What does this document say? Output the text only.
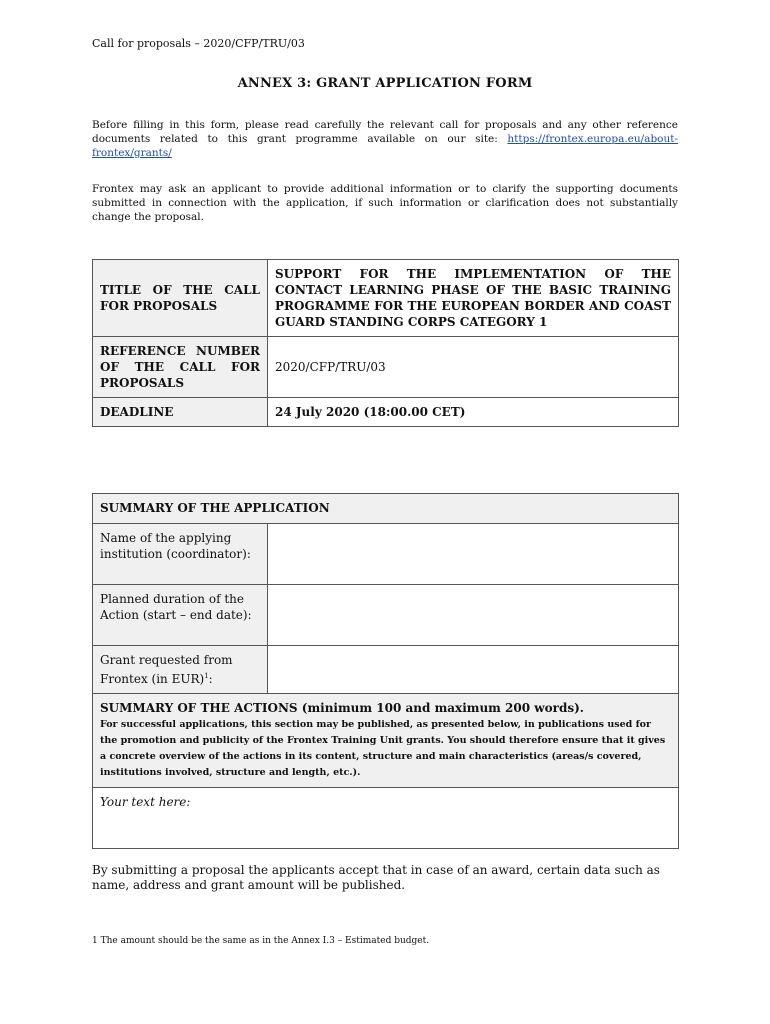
Call for proposals – 2020/CFP/TRU/03
ANNEX 3: GRANT APPLICATION FORM
Before filling in this form, please read carefully the relevant call for proposals and any other reference documents related to this grant programme available on our site: https://frontex.europa.eu/about-frontex/grants/
Frontex may ask an applicant to provide additional information or to clarify the supporting documents submitted in connection with the application, if such information or clarification does not substantially change the proposal.
TITLE OF THE CALL FOR PROPOSALS	SUPPORT FOR THE IMPLEMENTATION OF THE CONTACT LEARNING PHASE OF THE BASIC TRAINING PROGRAMME FOR THE EUROPEAN BORDER AND COAST GUARD STANDING CORPS CATEGORY 1
REFERENCE NUMBER OF THE CALL FOR PROPOSALS	2020/CFP/TRU/03
DEADLINE	24 July 2020 (18:00.00 CET)
SUMMARY OF THE APPLICATION	
Name of the applying institution (coordinator):	
Planned duration of the Action (start – end date):	
Grant requested from Frontex (in EUR)$^1$:	

SUMMARY OF THE ACTIONS (minimum 100 and maximum 200 words).
For successful applications, this section may be published, as presented below, in publications used for the promotion and publicity of the Frontex Training Unit grants. You should therefore ensure that it gives a concrete overview of the actions in its content, structure and main characteristics (areas/s covered, institutions involved, structure and length, etc.).	

Your text here:	
By submitting a proposal the applicants accept that in case of an award, certain data such as name, address and grant amount will be published.
1 The amount should be the same as in the Annex I.3 – Estimated budget.
